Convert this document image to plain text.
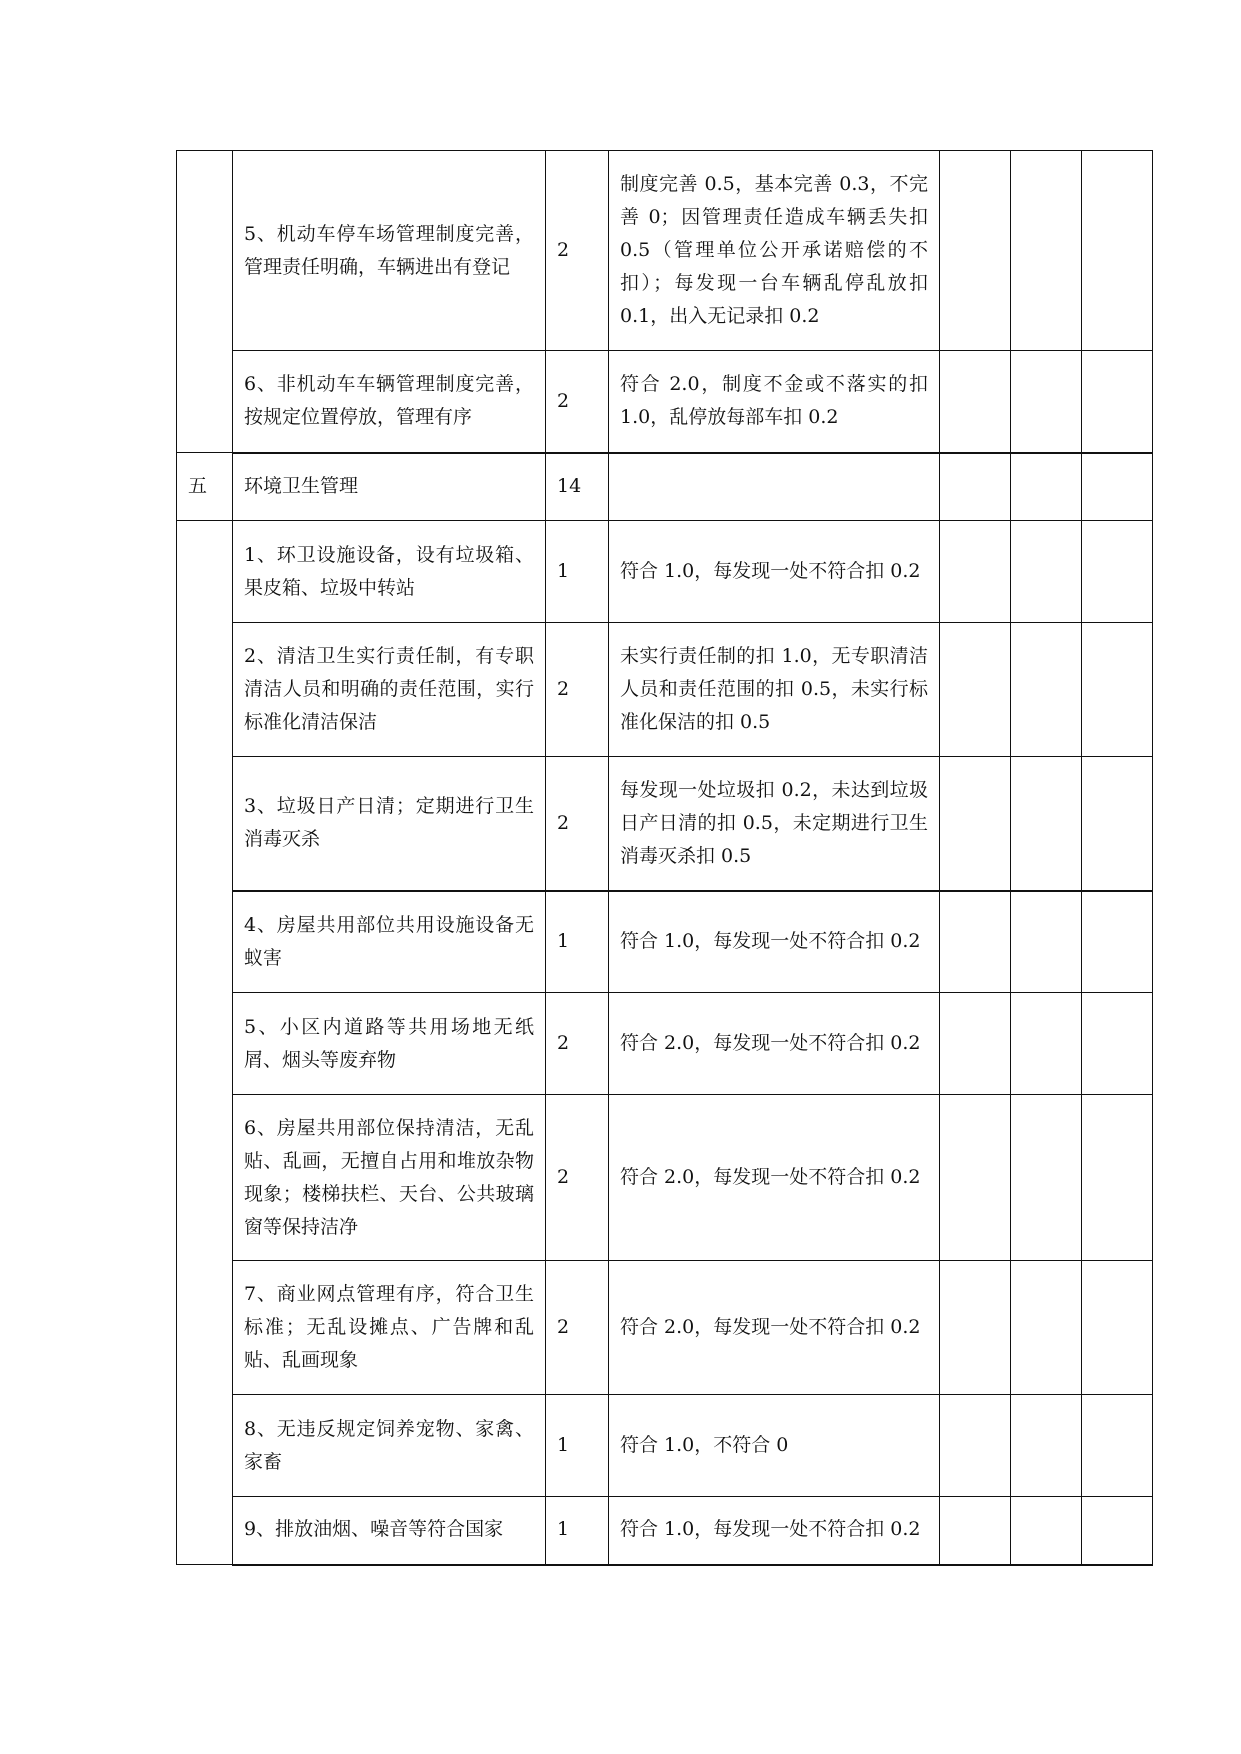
	5、机动车停车场管理制度完善，管理责任明确，车辆进出有登记	2	制度完善 0.5，基本完善 0.3，不完善 0；因管理责任造成车辆丢失扣 0.5（管理单位公开承诺赔偿的不扣）；每发现一台车辆乱停乱放扣 0.1，出入无记录扣 0.2			
	6、非机动车车辆管理制度完善，按规定位置停放，管理有序	2	符合 2.0，制度不金或不落实的扣 1.0，乱停放每部车扣 0.2			
五	环境卫生管理	14				
	1、环卫设施设备，设有垃圾箱、果皮箱、垃圾中转站	1	符合 1.0，每发现一处不符合扣 0.2			
	2、清洁卫生实行责任制，有专职清洁人员和明确的责任范围，实行标准化清洁保洁	2	未实行责任制的扣 1.0，无专职清洁人员和责任范围的扣 0.5，未实行标准化保洁的扣 0.5			
	3、垃圾日产日清；定期进行卫生消毒灭杀	2	每发现一处垃圾扣 0.2，未达到垃圾日产日清的扣 0.5，未定期进行卫生消毒灭杀扣 0.5			
	4、房屋共用部位共用设施设备无蚁害	1	符合 1.0，每发现一处不符合扣 0.2			
	5、小区内道路等共用场地无纸屑、烟头等废弃物	2	符合 2.0，每发现一处不符合扣 0.2			
	6、房屋共用部位保持清洁，无乱贴、乱画，无擅自占用和堆放杂物现象；楼梯扶栏、天台、公共玻璃窗等保持洁净	2	符合 2.0，每发现一处不符合扣 0.2			
	7、商业网点管理有序，符合卫生标准；无乱设摊点、广告牌和乱贴、乱画现象	2	符合 2.0，每发现一处不符合扣 0.2			
	8、无违反规定饲养宠物、家禽、家畜	1	符合 1.0，不符合 0			
	9、排放油烟、噪音等符合国家	1	符合 1.0，每发现一处不符合扣 0.2			
